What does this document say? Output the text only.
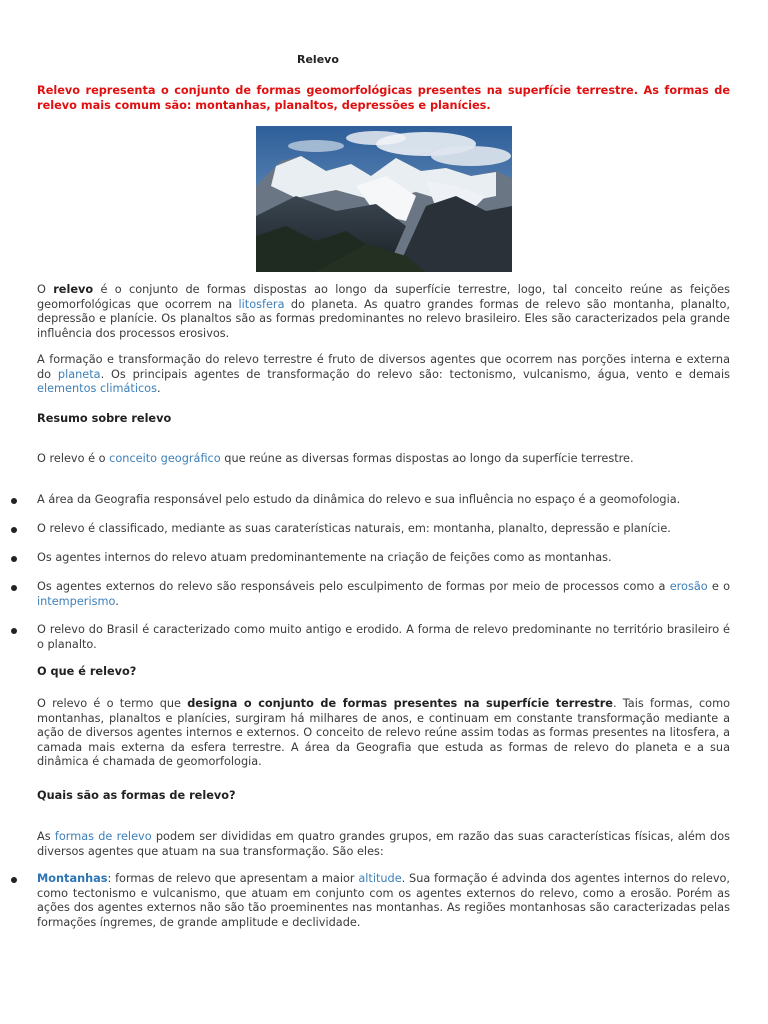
Relevo
Relevo representa o conjunto de formas geomorfológicas presentes na superfície terrestre. As formas de relevo mais comum são: montanhas, planaltos, depressões e planícies.
O relevo é o conjunto de formas dispostas ao longo da superfície terrestre, logo, tal conceito reúne as feições geomorfológicas que ocorrem na litosfera do planeta. As quatro grandes formas de relevo são montanha, planalto, depressão e planície. Os planaltos são as formas predominantes no relevo brasileiro. Eles são caracterizados pela grande influência dos processos erosivos.
A formação e transformação do relevo terrestre é fruto de diversos agentes que ocorrem nas porções interna e externa do planeta. Os principais agentes de transformação do relevo são: tectonismo, vulcanismo, água, vento e demais elementos climáticos.
Resumo sobre relevo
O relevo é o conceito geográfico que reúne as diversas formas dispostas ao longo da superfície terrestre.
A área da Geografia responsável pelo estudo da dinâmica do relevo e sua influência no espaço é a geomofologia.
O relevo é classificado, mediante as suas caraterísticas naturais, em: montanha, planalto, depressão e planície.
Os agentes internos do relevo atuam predominantemente na criação de feições como as montanhas.
Os agentes externos do relevo são responsáveis pelo esculpimento de formas por meio de processos como a erosão e o intemperismo.
O relevo do Brasil é caracterizado como muito antigo e erodido. A forma de relevo predominante no território brasileiro é o planalto.
O que é relevo?
O relevo é o termo que designa o conjunto de formas presentes na superfície terrestre. Tais formas, como montanhas, planaltos e planícies, surgiram há milhares de anos, e continuam em constante transformação mediante a ação de diversos agentes internos e externos. O conceito de relevo reúne assim todas as formas presentes na litosfera, a camada mais externa da esfera terrestre. A área da Geografia que estuda as formas de relevo do planeta e a sua dinâmica é chamada de geomorfologia.
Quais são as formas de relevo?
As formas de relevo podem ser divididas em quatro grandes grupos, em razão das suas características físicas, além dos diversos agentes que atuam na sua transformação. São eles:
Montanhas: formas de relevo que apresentam a maior altitude. Sua formação é advinda dos agentes internos do relevo, como tectonismo e vulcanismo, que atuam em conjunto com os agentes externos do relevo, como a erosão. Porém as ações dos agentes externos não são tão proeminentes nas montanhas. As regiões montanhosas são caracterizadas pelas formações íngremes, de grande amplitude e declividade.
